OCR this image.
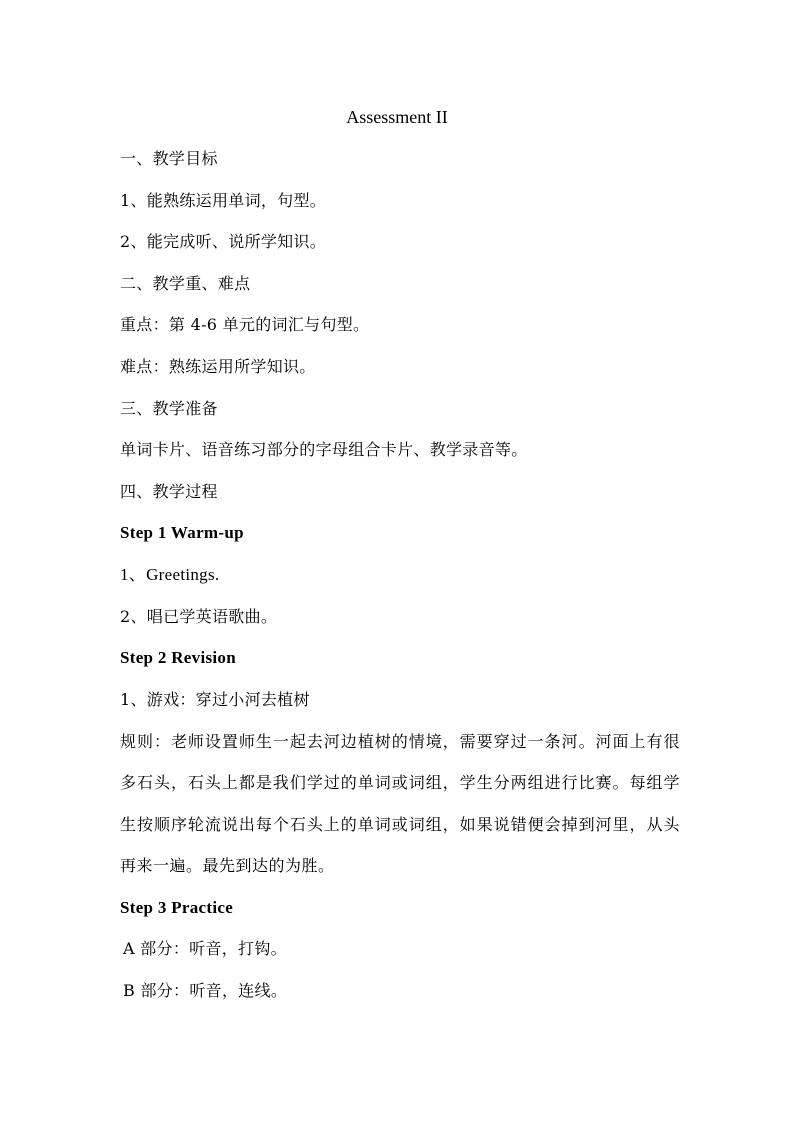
Assessment II
一、教学目标
1、能熟练运用单词，句型。
2、能完成听、说所学知识。
二、教学重、难点
重点：第 4-6 单元的词汇与句型。
难点：熟练运用所学知识。
三、教学准备
单词卡片、语音练习部分的字母组合卡片、教学录音等。
四、教学过程
Step 1 Warm-up
1、Greetings.
2、唱已学英语歌曲。
Step 2 Revision
1、游戏：穿过小河去植树
规则：老师设置师生一起去河边植树的情境，需要穿过一条河。河面上有很多石头，石头上都是我们学过的单词或词组，学生分两组进行比赛。每组学生按顺序轮流说出每个石头上的单词或词组，如果说错便会掉到河里，从头再来一遍。最先到达的为胜。
Step 3 Practice
A 部分：听音，打钩。
B 部分：听音，连线。
